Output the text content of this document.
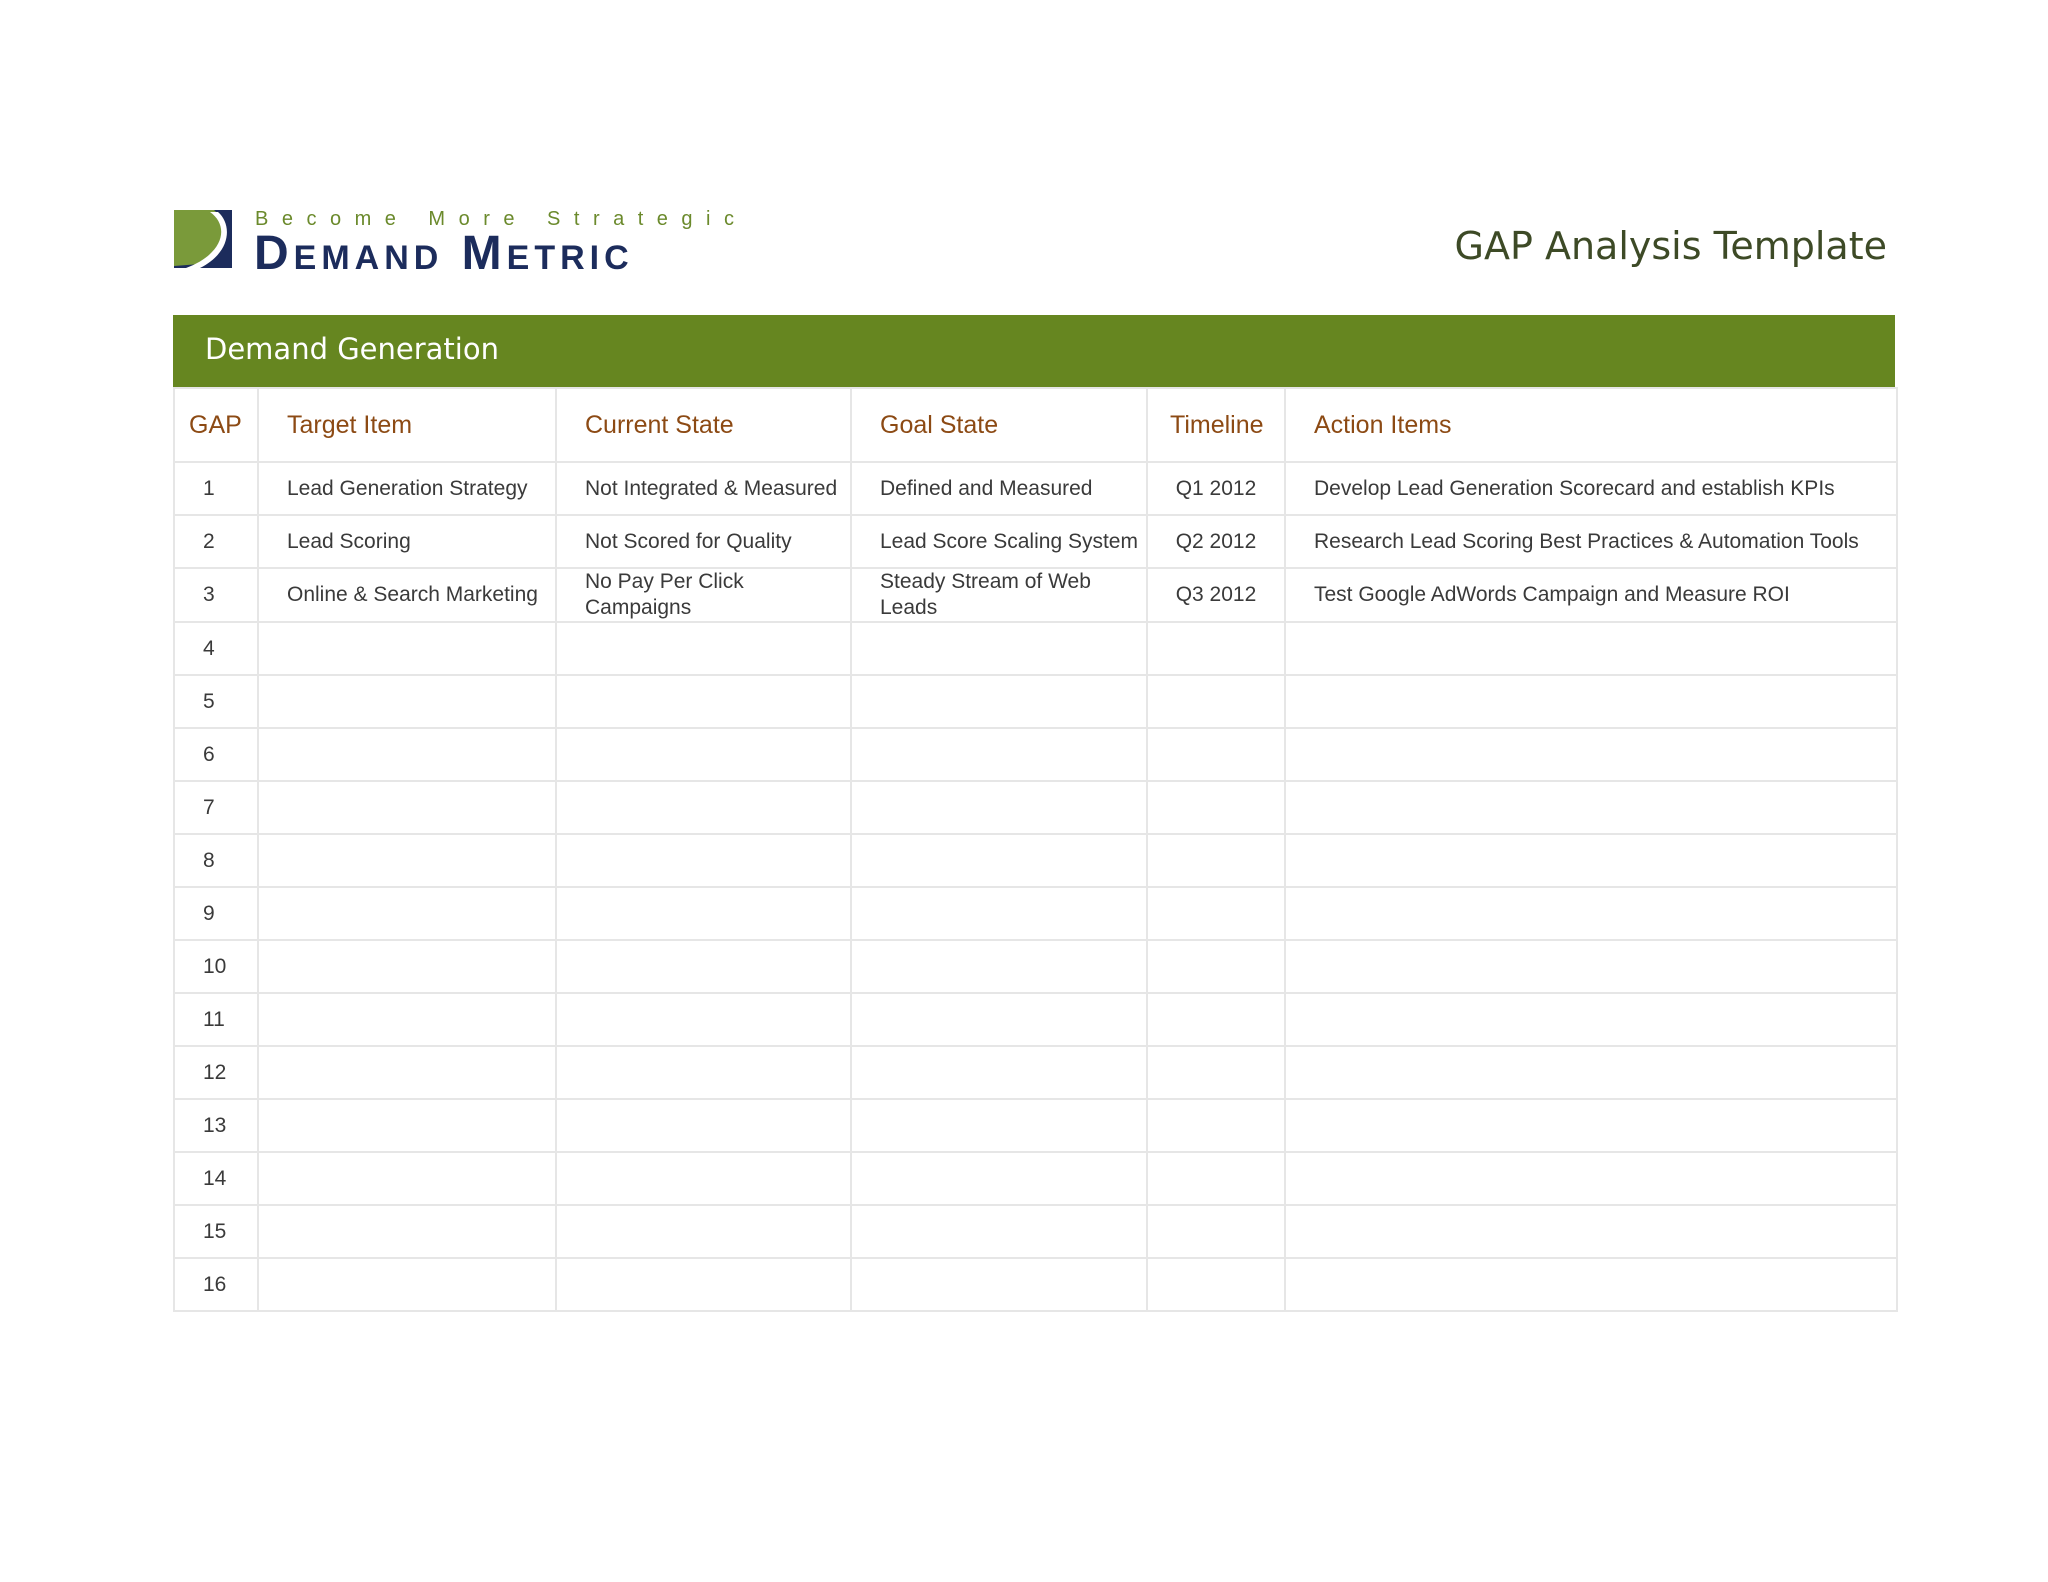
Become More Strategic
Demand Metric	GAP Analysis Template
Demand Generation
GAP	Target Item	Current State	Goal State	Timeline	Action Items
1	Lead Generation Strategy	Not Integrated & Measured	Defined and Measured	Q1 2012	Develop Lead Generation Scorecard and establish KPIs
2	Lead Scoring	Not Scored for Quality	Lead Score Scaling System	Q2 2012	Research Lead Scoring Best Practices & Automation Tools
3	Online & Search Marketing	No Pay Per Click Campaigns	Steady Stream of Web Leads	Q3 2012	Test Google AdWords Campaign and Measure ROI
4					
5					
6					
7					
8					
9					
10					
11					
12					
13					
14					
15					
16					
